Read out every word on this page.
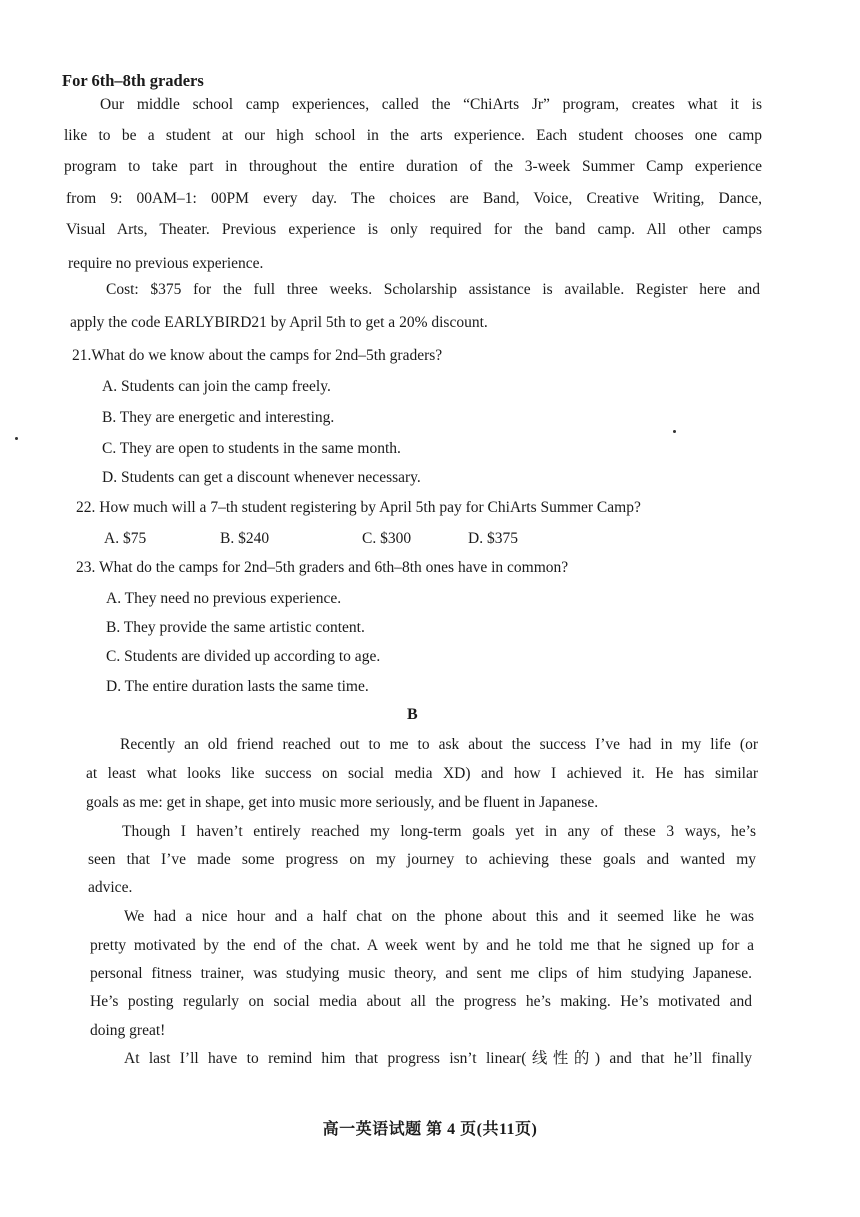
For 6th–8th graders
Our middle school camp experiences, called the “ChiArts Jr” program, creates what it is
like to be a student at our high school in the arts experience. Each student chooses one camp
program to take part in throughout the entire duration of the 3-week Summer Camp experience
from 9: 00AM–1: 00PM every day. The choices are Band, Voice, Creative Writing, Dance,
Visual Arts, Theater. Previous experience is only required for the band camp. All other camps
require no previous experience.
Cost: $375 for the full three weeks. Scholarship assistance is available. Register here and
apply the code EARLYBIRD21 by April 5th to get a 20% discount.
21.What do we know about the camps for 2nd–5th graders?
A. Students can join the camp freely.
B. They are energetic and interesting.
C. They are open to students in the same month.
D. Students can get a discount whenever necessary.
22. How much will a 7–th student registering by April 5th pay for ChiArts Summer Camp?
A. $75	B. $240	C. $300	D. $375
23. What do the camps for 2nd–5th graders and 6th–8th ones have in common?
A. They need no previous experience.
B. They provide the same artistic content.
C. Students are divided up according to age.
D. The entire duration lasts the same time.
B
Recently an old friend reached out to me to ask about the success I’ve had in my life (or
at least what looks like success on social media XD) and how I achieved it. He has similar
goals as me: get in shape, get into music more seriously, and be fluent in Japanese.
Though I haven’t entirely reached my long-term goals yet in any of these 3 ways, he’s
seen that I’ve made some progress on my journey to achieving these goals and wanted my
advice.
We had a nice hour and a half chat on the phone about this and it seemed like he was
pretty motivated by the end of the chat. A week went by and he told me that he signed up for a
personal fitness trainer, was studying music theory, and sent me clips of him studying Japanese.
He’s posting regularly on social media about all the progress he’s making. He’s motivated and
doing great!
At last I’ll have to remind him that progress isn’t linear(线性的) and that he’ll finally
高一英语试题 第 4 页(共11页)
